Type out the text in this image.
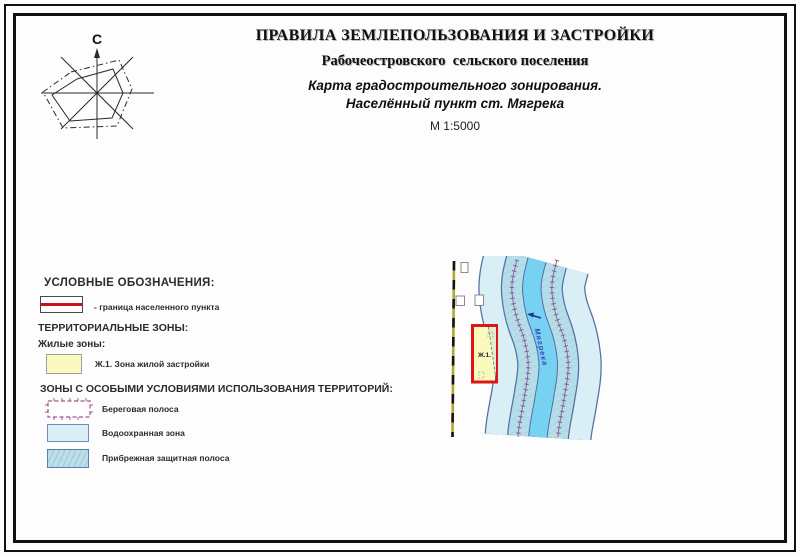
ПРАВИЛА ЗЕМЛЕПОЛЬЗОВАНИЯ И ЗАСТРОЙКИ
Рабочеостровского  сельского поселения
Карта градостроительного зонирования.
Населённый пункт ст. Мягрека
М 1:5000
С
УСЛОВНЫЕ ОБОЗНАЧЕНИЯ:
- граница населенного пункта
ТЕРРИТОРИАЛЬНЫЕ ЗОНЫ:
Жилые зоны:
Ж.1. Зона жилой застройки
ЗОНЫ С ОСОБЫМИ УСЛОВИЯМИ ИСПОЛЬЗОВАНИЯ ТЕРРИТОРИЙ:
Береговая полоса
Водоохранная зона
Прибрежная защитная полоса
Мягрека
Ж.1.
